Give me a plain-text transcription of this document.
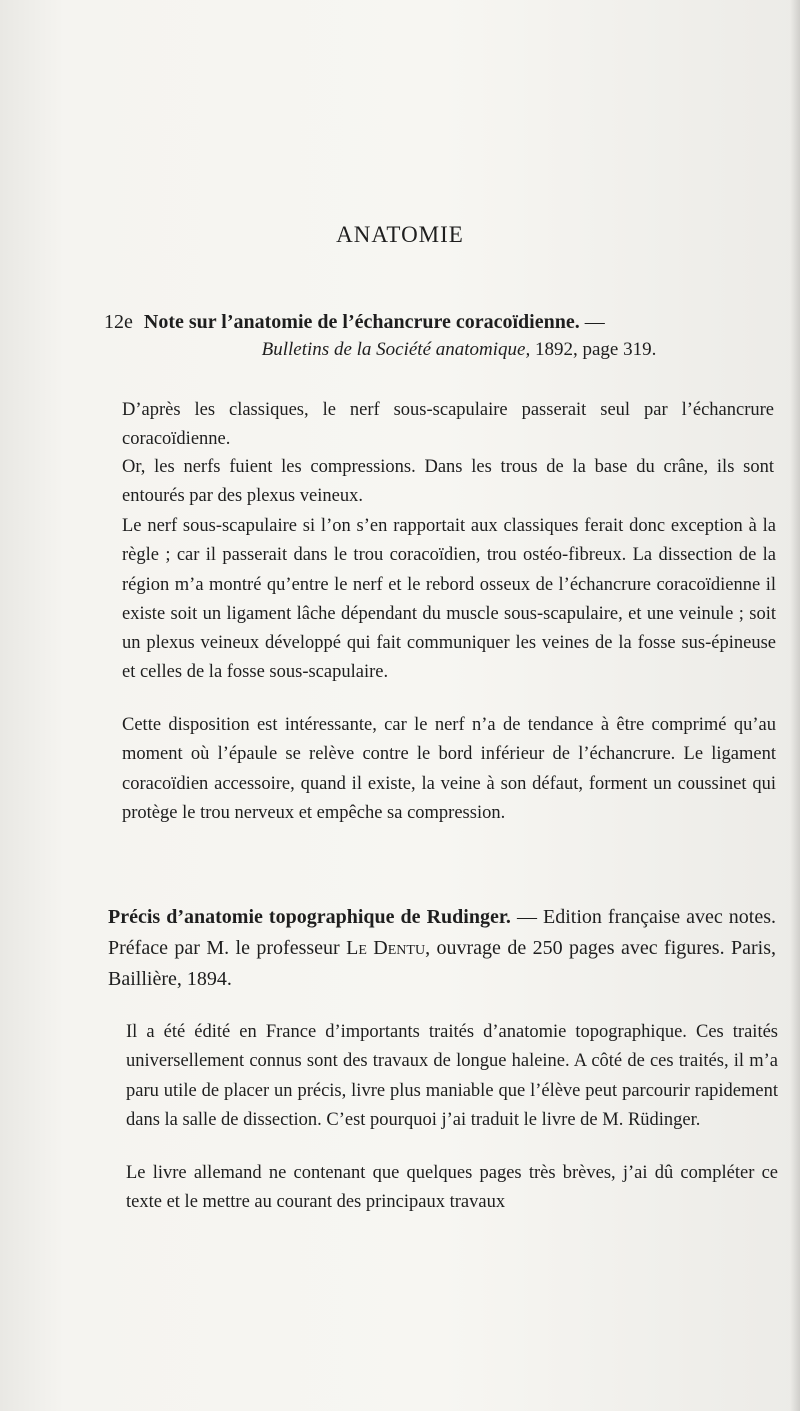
ANATOMIE
12e Note sur l’anatomie de l’échancrure coracoïdienne. —
Bulletins de la Société anatomique, 1892, page 319.

D’après les classiques, le nerf sous-scapulaire passerait seul par l’échancrure coracoïdienne.

Or, les nerfs fuient les compressions. Dans les trous de la base du crâne, ils sont entourés par des plexus veineux.

Le nerf sous-scapulaire si l’on s’en rapportait aux classiques ferait donc exception à la règle ; car il passerait dans le trou coracoïdien, trou ostéo-fibreux. La dissection de la région m’a montré qu’entre le nerf et le rebord osseux de l’échancrure coracoïdienne il existe soit un ligament lâche dépendant du muscle sous-scapulaire, et une veinule ; soit un plexus veineux développé qui fait communiquer les veines de la fosse sus-épineuse et celles de la fosse sous-scapulaire.

Cette disposition est intéressante, car le nerf n’a de tendance à être comprimé qu’au moment où l’épaule se relève contre le bord inférieur de l’échancrure. Le ligament coracoïdien accessoire, quand il existe, la veine à son défaut, forment un coussinet qui protège le trou nerveux et empêche sa compression.

Précis d’anatomie topographique de Rudinger. — Edition française avec notes. Préface par M. le professeur Le Dentu, ouvrage de 250 pages avec figures. Paris, Baillière, 1894.

Il a été édité en France d’importants traités d’anatomie topographique. Ces traités universellement connus sont des travaux de longue haleine. A côté de ces traités, il m’a paru utile de placer un précis, livre plus maniable que l’élève peut parcourir rapidement dans la salle de dissection. C’est pourquoi j’ai traduit le livre de M. Rüdinger.

Le livre allemand ne contenant que quelques pages très brèves, j’ai dû compléter ce texte et le mettre au courant des principaux travaux
